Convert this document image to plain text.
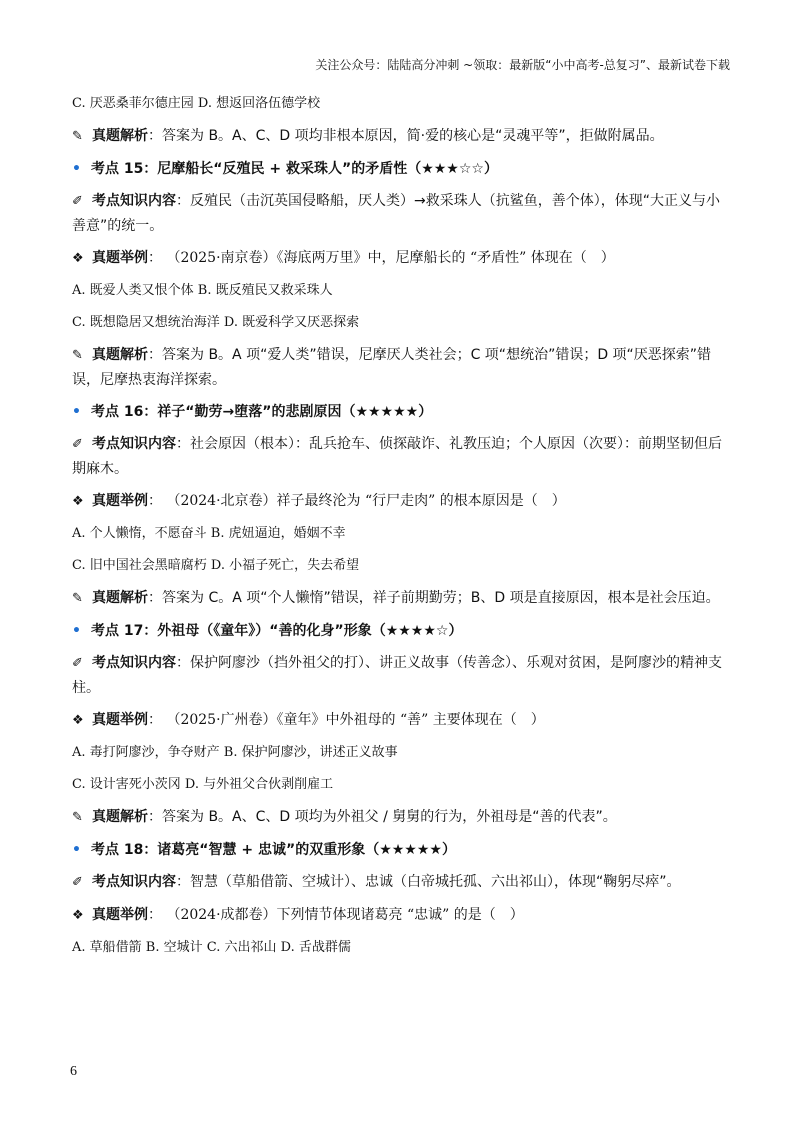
关注公众号：陆陆高分冲刺 ~领取：最新版“小中高考-总复习”、最新试卷下载

C. 厌恶桑菲尔德庄园 D. 想返回洛伍德学校

✎ 真题解析：答案为 B。A、C、D 项均非根本原因，简·爱的核心是“灵魂平等”，拒做附属品。

• 考点 15：尼摩船长“反殖民 + 救采珠人”的矛盾性（★★★☆☆）

✐ 考点知识内容：反殖民（击沉英国侵略船，厌人类）→救采珠人（抗鲨鱼，善个体），体现“大正义与小善意”的统一。

❖ 真题举例： （2025·南京卷）《海底两万里》中，尼摩船长的 “矛盾性” 体现在（　）

A. 既爱人类又恨个体 B. 既反殖民又救采珠人

C. 既想隐居又想统治海洋 D. 既爱科学又厌恶探索

✎ 真题解析：答案为 B。A 项“爱人类”错误，尼摩厌人类社会；C 项“想统治”错误；D 项“厌恶探索”错误，尼摩热衷海洋探索。

• 考点 16：祥子“勤劳→堕落”的悲剧原因（★★★★★）

✐ 考点知识内容：社会原因（根本）：乱兵抢车、侦探敲诈、礼教压迫；个人原因（次要）：前期坚韧但后期麻木。

❖ 真题举例： （2024·北京卷）祥子最终沦为 “行尸走肉” 的根本原因是（　）

A. 个人懒惰，不愿奋斗 B. 虎妞逼迫，婚姻不幸

C. 旧中国社会黑暗腐朽 D. 小福子死亡，失去希望

✎ 真题解析：答案为 C。A 项“个人懒惰”错误，祥子前期勤劳；B、D 项是直接原因，根本是社会压迫。

• 考点 17：外祖母（《童年》）“善的化身”形象（★★★★☆）

✐ 考点知识内容：保护阿廖沙（挡外祖父的打）、讲正义故事（传善念）、乐观对贫困，是阿廖沙的精神支柱。

❖ 真题举例： （2025·广州卷）《童年》中外祖母的 “善” 主要体现在（　）

A. 毒打阿廖沙，争夺财产 B. 保护阿廖沙，讲述正义故事

C. 设计害死小茨冈 D. 与外祖父合伙剥削雇工

✎ 真题解析：答案为 B。A、C、D 项均为外祖父 / 舅舅的行为，外祖母是“善的代表”。

• 考点 18：诸葛亮“智慧 + 忠诚”的双重形象（★★★★★）

✐ 考点知识内容：智慧（草船借箭、空城计）、忠诚（白帝城托孤、六出祁山），体现“鞠躬尽瘁”。

❖ 真题举例： （2024·成都卷）下列情节体现诸葛亮 “忠诚” 的是（　）

A. 草船借箭 B. 空城计 C. 六出祁山 D. 舌战群儒

6
